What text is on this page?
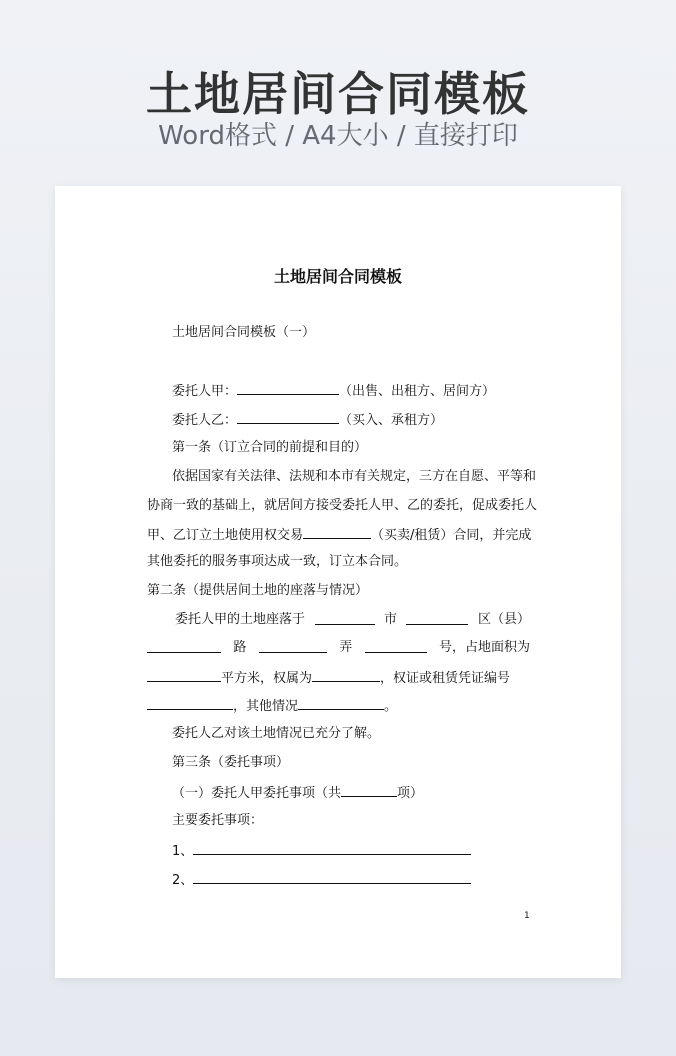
土地居间合同模板
Word格式 / A4大小 / 直接打印
土地居间合同模板
土地居间合同模板（一）
委托人甲：	（出售、出租方、居间方）
委托人乙：	（买入、承租方）
第一条（订立合同的前提和目的）
依据国家有关法律、法规和本市有关规定，三方在自愿、平等和
协商一致的基础上，就居间方接受委托人甲、乙的委托，促成委托人
甲、乙订立土地使用权交易	（买卖/租赁）合同，并完成
其他委托的服务事项达成一致，订立本合同。
第二条（提供居间土地的座落与情况）
委托人甲的土地座落于	市	区（县）
路	弄	号，占地面积为
平方米，权属为	，权证或租赁凭证编号
，其他情况	。
委托人乙对该土地情况已充分了解。
第三条（委托事项）
（一）委托人甲委托事项（共	项）
主要委托事项：
1、
2、
1
